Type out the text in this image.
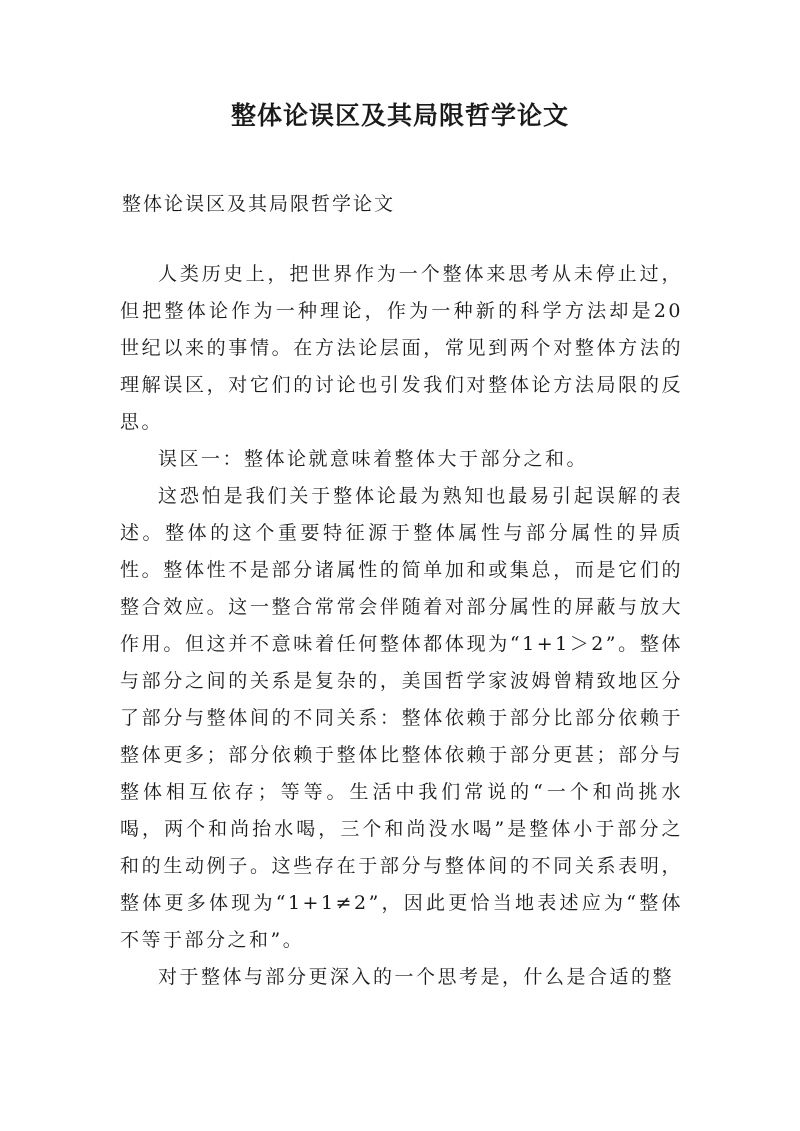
整体论误区及其局限哲学论文
整体论误区及其局限哲学论文

人类历史上，把世界作为一个整体来思考从未停止过，但把整体论作为一种理论，作为一种新的科学方法却是20世纪以来的事情。在方法论层面，常见到两个对整体方法的理解误区，对它们的讨论也引发我们对整体论方法局限的反思。

误区一：整体论就意味着整体大于部分之和。

这恐怕是我们关于整体论最为熟知也最易引起误解的表述。整体的这个重要特征源于整体属性与部分属性的异质性。整体性不是部分诸属性的简单加和或集总，而是它们的整合效应。这一整合常常会伴随着对部分属性的屏蔽与放大作用。但这并不意味着任何整体都体现为“1+1＞2”。整体与部分之间的关系是复杂的，美国哲学家波姆曾精致地区分了部分与整体间的不同关系：整体依赖于部分比部分依赖于整体更多；部分依赖于整体比整体依赖于部分更甚；部分与整体相互依存；等等。生活中我们常说的“一个和尚挑水喝，两个和尚抬水喝，三个和尚没水喝”是整体小于部分之和的生动例子。这些存在于部分与整体间的不同关系表明，整体更多体现为“1+1≠2”，因此更恰当地表述应为“整体不等于部分之和”。

对于整体与部分更深入的一个思考是，什么是合适的整
